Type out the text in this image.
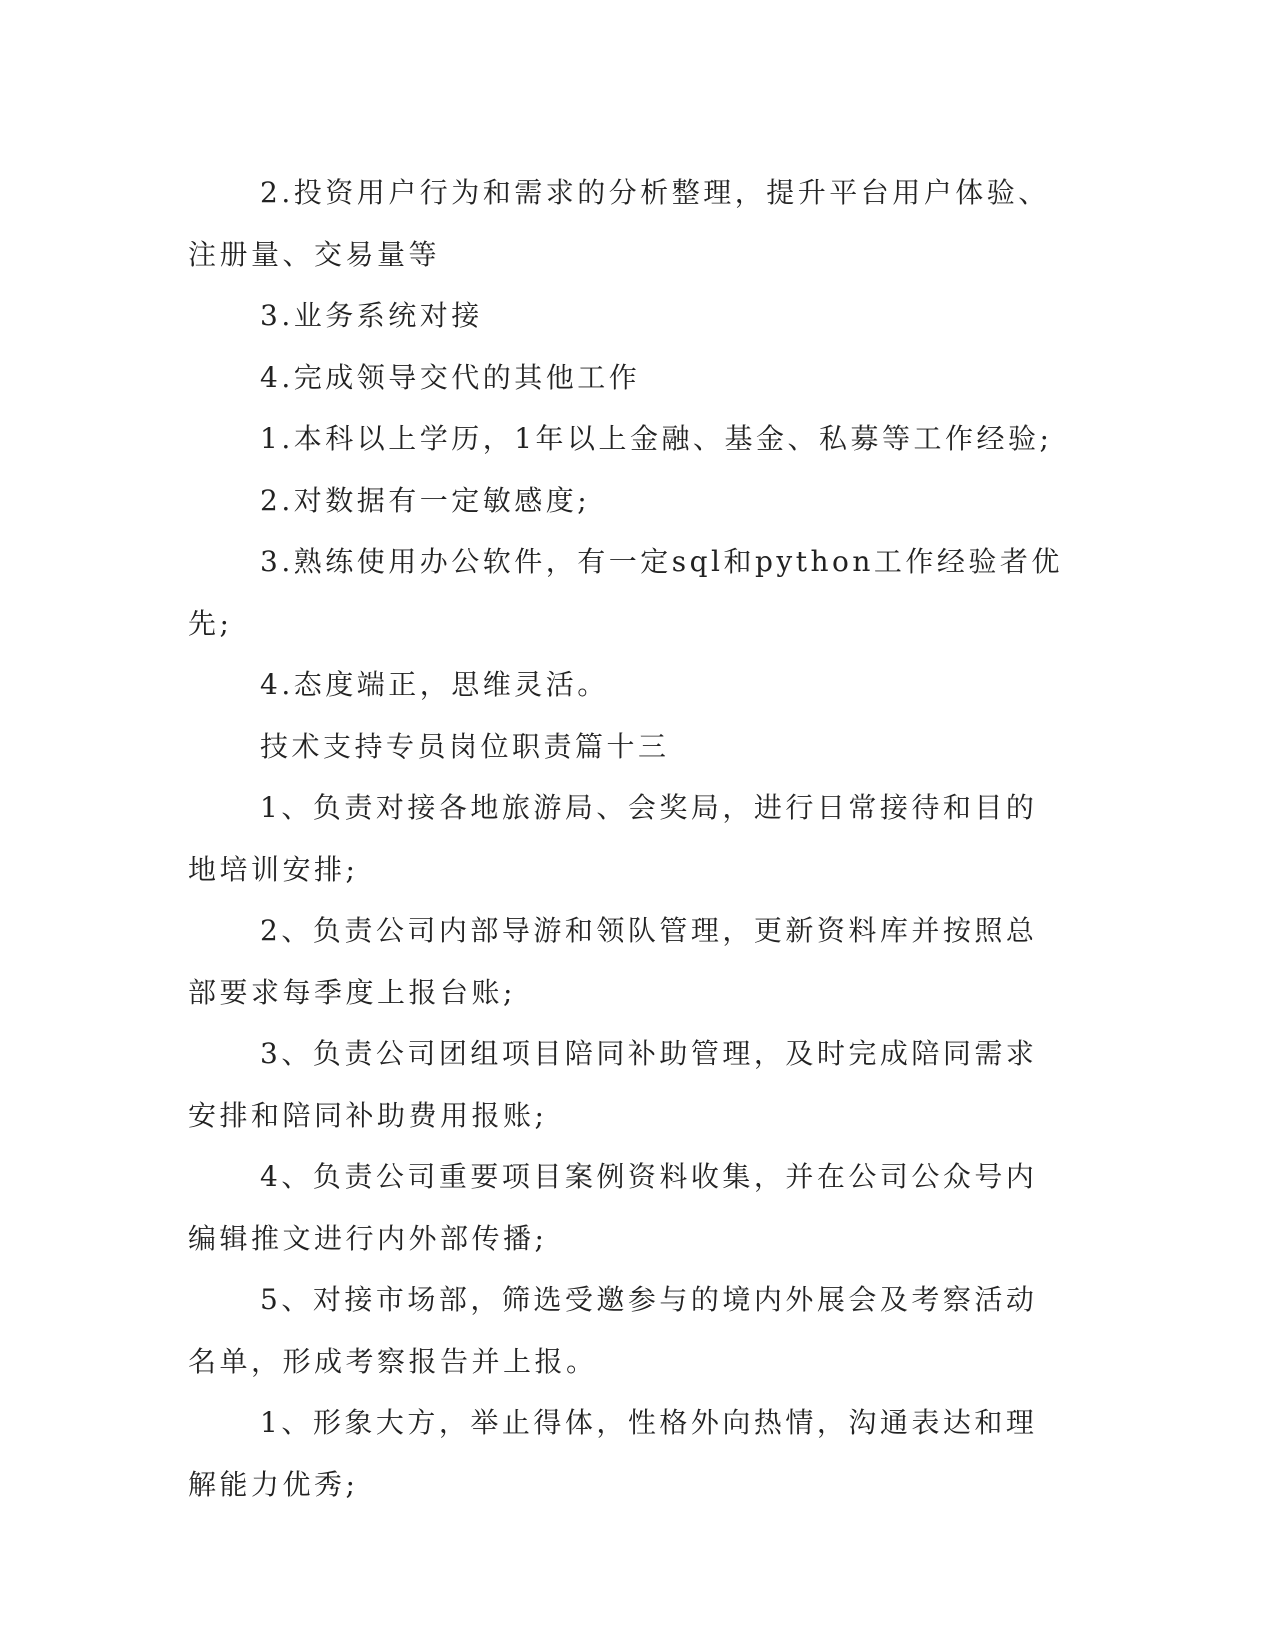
2.投资用户行为和需求的分析整理，提升平台用户体验、注册量、交易量等

3.业务系统对接

4.完成领导交代的其他工作

1.本科以上学历，1年以上金融、基金、私募等工作经验;

2.对数据有一定敏感度;

3.熟练使用办公软件，有一定sql和python工作经验者优先;

4.态度端正，思维灵活。

技术支持专员岗位职责篇十三

1、负责对接各地旅游局、会奖局，进行日常接待和目的地培训安排;

2、负责公司内部导游和领队管理，更新资料库并按照总部要求每季度上报台账;

3、负责公司团组项目陪同补助管理，及时完成陪同需求安排和陪同补助费用报账;

4、负责公司重要项目案例资料收集，并在公司公众号内编辑推文进行内外部传播;

5、对接市场部，筛选受邀参与的境内外展会及考察活动名单，形成考察报告并上报。

1、形象大方，举止得体，性格外向热情，沟通表达和理解能力优秀;
